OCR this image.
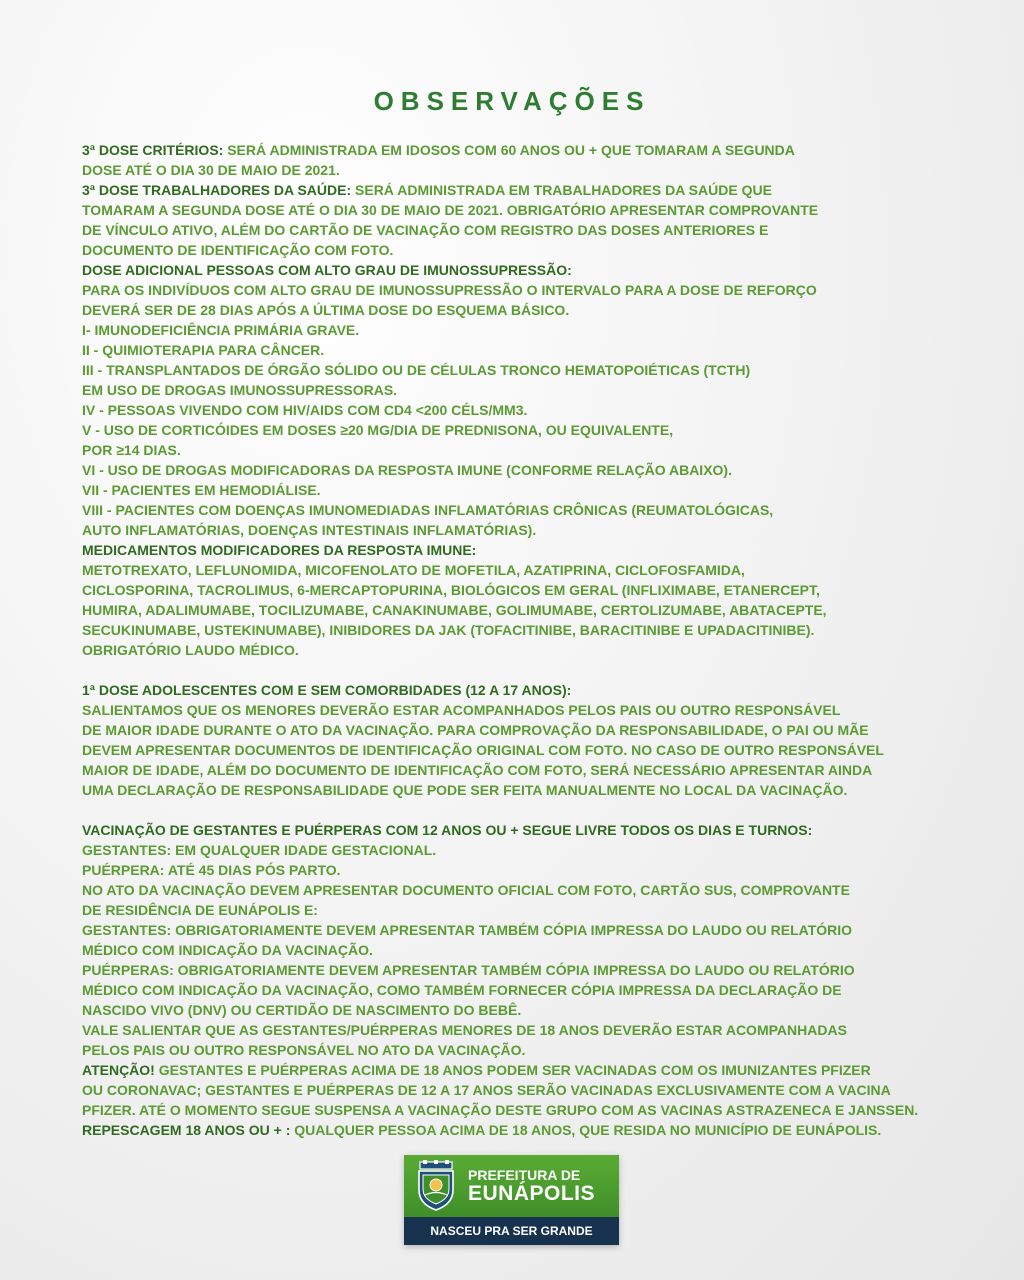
OBSERVAÇÕES
3ª DOSE CRITÉRIOS: SERÁ ADMINISTRADA EM IDOSOS COM 60 ANOS OU + QUE TOMARAM A SEGUNDA
DOSE ATÉ O DIA 30 DE MAIO DE 2021.
3ª DOSE TRABALHADORES DA SAÚDE: SERÁ ADMINISTRADA EM TRABALHADORES DA SAÚDE QUE
TOMARAM A SEGUNDA DOSE ATÉ O DIA 30 DE MAIO DE 2021. OBRIGATÓRIO APRESENTAR COMPROVANTE
DE VÍNCULO ATIVO, ALÉM DO CARTÃO DE VACINAÇÃO COM REGISTRO DAS DOSES ANTERIORES E
DOCUMENTO DE IDENTIFICAÇÃO COM FOTO.
DOSE ADICIONAL PESSOAS COM ALTO GRAU DE IMUNOSSUPRESSÃO:
PARA OS INDIVÍDUOS COM ALTO GRAU DE IMUNOSSUPRESSÃO O INTERVALO PARA A DOSE DE REFORÇO
DEVERÁ SER DE 28 DIAS APÓS A ÚLTIMA DOSE DO ESQUEMA BÁSICO.
I- IMUNODEFICIÊNCIA PRIMÁRIA GRAVE.
II - QUIMIOTERAPIA PARA CÂNCER.
III - TRANSPLANTADOS DE ÓRGÃO SÓLIDO OU DE CÉLULAS TRONCO HEMATOPOIÉTICAS (TCTH)
EM USO DE DROGAS IMUNOSSUPRESSORAS.
IV - PESSOAS VIVENDO COM HIV/AIDS COM CD4 <200 CÉLS/MM3.
V - USO DE CORTICÓIDES EM DOSES ≥20 MG/DIA DE PREDNISONA, OU EQUIVALENTE,
POR ≥14 DIAS.
VI - USO DE DROGAS MODIFICADORAS DA RESPOSTA IMUNE (CONFORME RELAÇÃO ABAIXO).
VII - PACIENTES EM HEMODIÁLISE.
VIII - PACIENTES COM DOENÇAS IMUNOMEDIADAS INFLAMATÓRIAS CRÔNICAS (REUMATOLÓGICAS,
AUTO INFLAMATÓRIAS, DOENÇAS INTESTINAIS INFLAMATÓRIAS).
MEDICAMENTOS MODIFICADORES DA RESPOSTA IMUNE:
METOTREXATO, LEFLUNOMIDA, MICOFENOLATO DE MOFETILA, AZATIPRINA, CICLOFOSFAMIDA,
CICLOSPORINA, TACROLIMUS, 6-MERCAPTOPURINA, BIOLÓGICOS EM GERAL (INFLIXIMABE, ETANERCEPT,
HUMIRA, ADALIMUMABE, TOCILIZUMABE, CANAKINUMABE, GOLIMUMABE, CERTOLIZUMABE, ABATACEPTE,
SECUKINUMABE, USTEKINUMABE), INIBIDORES DA JAK (TOFACITINIBE, BARACITINIBE E UPADACITINIBE).
OBRIGATÓRIO LAUDO MÉDICO.
1ª DOSE ADOLESCENTES COM E SEM COMORBIDADES (12 A 17 ANOS):
SALIENTAMOS QUE OS MENORES DEVERÃO ESTAR ACOMPANHADOS PELOS PAIS OU OUTRO RESPONSÁVEL
DE MAIOR IDADE DURANTE O ATO DA VACINAÇÃO. PARA COMPROVAÇÃO DA RESPONSABILIDADE, O PAI OU MÃE
DEVEM APRESENTAR DOCUMENTOS DE IDENTIFICAÇÃO ORIGINAL COM FOTO. NO CASO DE OUTRO RESPONSÁVEL
MAIOR DE IDADE, ALÉM DO DOCUMENTO DE IDENTIFICAÇÃO COM FOTO, SERÁ NECESSÁRIO APRESENTAR AINDA
UMA DECLARAÇÃO DE RESPONSABILIDADE QUE PODE SER FEITA MANUALMENTE NO LOCAL DA VACINAÇÃO.
VACINAÇÃO DE GESTANTES E PUÉRPERAS COM 12 ANOS OU + SEGUE LIVRE TODOS OS DIAS E TURNOS:
GESTANTES: EM QUALQUER IDADE GESTACIONAL.
PUÉRPERA: ATÉ 45 DIAS PÓS PARTO.
NO ATO DA VACINAÇÃO DEVEM APRESENTAR DOCUMENTO OFICIAL COM FOTO, CARTÃO SUS, COMPROVANTE
DE RESIDÊNCIA DE EUNÁPOLIS E:
GESTANTES: OBRIGATORIAMENTE DEVEM APRESENTAR TAMBÉM CÓPIA IMPRESSA DO LAUDO OU RELATÓRIO
MÉDICO COM INDICAÇÃO DA VACINAÇÃO.
PUÉRPERAS: OBRIGATORIAMENTE DEVEM APRESENTAR TAMBÉM CÓPIA IMPRESSA DO LAUDO OU RELATÓRIO
MÉDICO COM INDICAÇÃO DA VACINAÇÃO, COMO TAMBÉM FORNECER CÓPIA IMPRESSA DA DECLARAÇÃO DE
NASCIDO VIVO (DNV) OU CERTIDÃO DE NASCIMENTO DO BEBÊ.
VALE SALIENTAR QUE AS GESTANTES/PUÉRPERAS MENORES DE 18 ANOS DEVERÃO ESTAR ACOMPANHADAS
PELOS PAIS OU OUTRO RESPONSÁVEL NO ATO DA VACINAÇÃO.
ATENÇÃO! GESTANTES E PUÉRPERAS ACIMA DE 18 ANOS PODEM SER VACINADAS COM OS IMUNIZANTES PFIZER
OU CORONAVAC; GESTANTES E PUÉRPERAS DE 12 A 17 ANOS SERÃO VACINADAS EXCLUSIVAMENTE COM A VACINA
PFIZER. ATÉ O MOMENTO SEGUE SUSPENSA A VACINAÇÃO DESTE GRUPO COM AS VACINAS ASTRAZENECA E JANSSEN.
REPESCAGEM 18 ANOS OU + : QUALQUER PESSOA ACIMA DE 18 ANOS, QUE RESIDA NO MUNICÍPIO DE EUNÁPOLIS.
PREFEITURA DE
EUNÁPOLIS
NASCEU PRA SER GRANDE
